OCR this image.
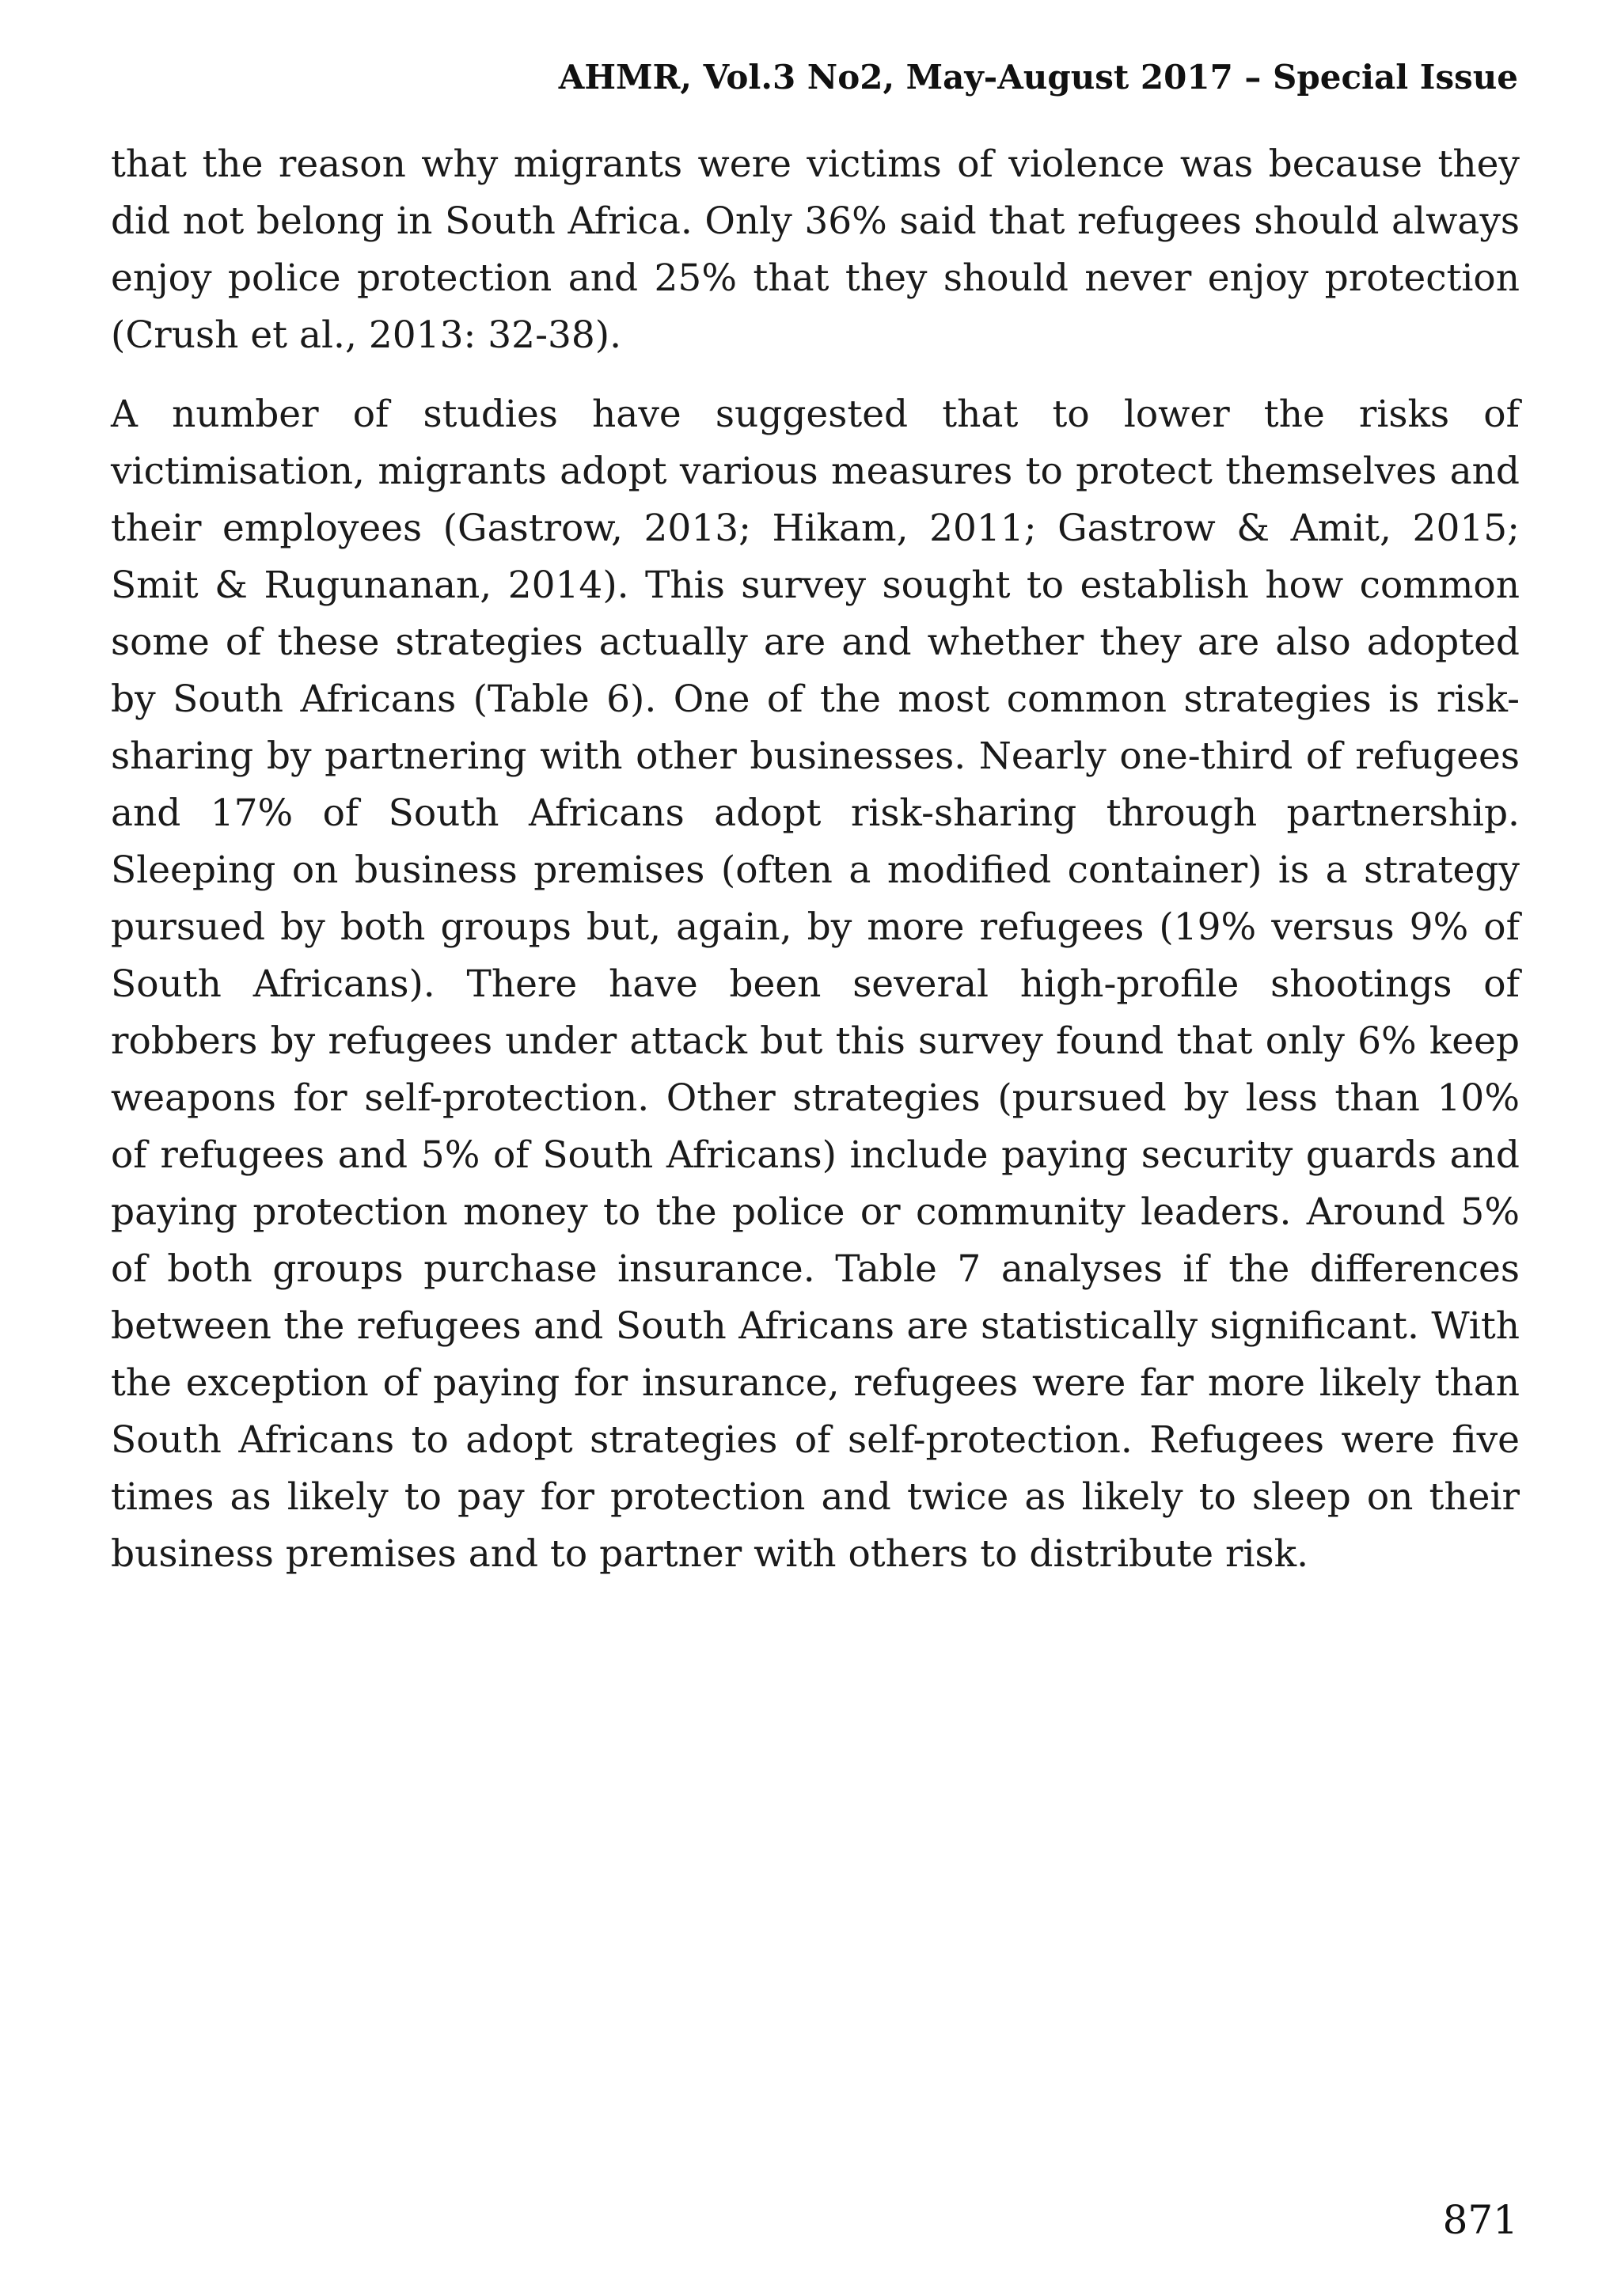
AHMR, Vol.3 No2, May-August 2017 – Special Issue

that the reason why migrants were victims of violence was because they did not belong in South Africa. Only 36% said that refugees should always enjoy police protection and 25% that they should never enjoy protection (Crush et al., 2013: 32-38).

A number of studies have suggested that to lower the risks of victimisation, migrants adopt various measures to protect themselves and their employees (Gastrow, 2013; Hikam, 2011; Gastrow & Amit, 2015; Smit & Rugunanan, 2014). This survey sought to establish how common some of these strategies actually are and whether they are also adopted by South Africans (Table 6). One of the most common strategies is risk-sharing by partnering with other businesses. Nearly one-third of refugees and 17% of South Africans adopt risk-sharing through partnership. Sleeping on business premises (often a modified container) is a strategy pursued by both groups but, again, by more refugees (19% versus 9% of South Africans). There have been several high-profile shootings of robbers by refugees under attack but this survey found that only 6% keep weapons for self-protection. Other strategies (pursued by less than 10% of refugees and 5% of South Africans) include paying security guards and paying protection money to the police or community leaders. Around 5% of both groups purchase insurance. Table 7 analyses if the differences between the refugees and South Africans are statistically significant. With the exception of paying for insurance, refugees were far more likely than South Africans to adopt strategies of self-protection. Refugees were five times as likely to pay for protection and twice as likely to sleep on their business premises and to partner with others to distribute risk.

871
